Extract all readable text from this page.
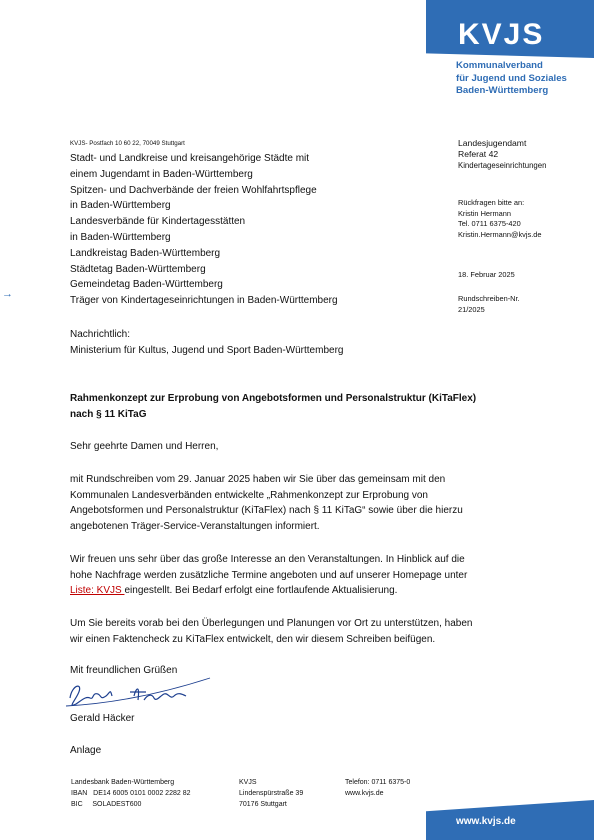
KVJS
Kommunalverband
für Jugend und Soziales
Baden-Württemberg
→
KVJS- Postfach 10 60 22, 70049 Stuttgart
Stadt- und Landkreise und kreisangehörige Städte mit
einem Jugendamt in Baden-Württemberg
Spitzen- und Dachverbände der freien Wohlfahrtspflege
in Baden-Württemberg
Landesverbände für Kindertagesstätten
in Baden-Württemberg
Landkreistag Baden-Württemberg
Städtetag Baden-Württemberg
Gemeindetag Baden-Württemberg
Träger von Kindertageseinrichtungen in Baden-Württemberg
Nachrichtlich:
Ministerium für Kultus, Jugend und Sport Baden-Württemberg
Landesjugendamt
Referat 42
Kindertageseinrichtungen
Rückfragen bitte an:
Kristin Hermann
Tel. 0711 6375-420
Kristin.Hermann@kvjs.de
18. Februar 2025
Rundschreiben-Nr.
21/2025
Rahmenkonzept zur Erprobung von Angebotsformen und Personalstruktur (KiTaFlex)
nach § 11 KiTaG
Sehr geehrte Damen und Herren,
mit Rundschreiben vom 29. Januar 2025 haben wir Sie über das gemeinsam mit den
Kommunalen Landesverbänden entwickelte „Rahmenkonzept zur Erprobung von
Angebotsformen und Personalstruktur (KiTaFlex) nach § 11 KiTaG“ sowie über die hierzu
angebotenen Träger-Service-Veranstaltungen informiert.
Wir freuen uns sehr über das große Interesse an den Veranstaltungen. In Hinblick auf die
hohe Nachfrage werden zusätzliche Termine angeboten und auf unserer Homepage unter
Liste: KVJS eingestellt. Bei Bedarf erfolgt eine fortlaufende Aktualisierung.
Um Sie bereits vorab bei den Überlegungen und Planungen vor Ort zu unterstützen, haben
wir einen Faktencheck zu KiTaFlex entwickelt, den wir diesem Schreiben beifügen.
Mit freundlichen Grüßen
Gerald Häcker
Anlage
Landesbank Baden-Württemberg
IBAN   DE14 6005 0101 0002 2282 82
BIC     SOLADEST600
KVJS
Lindenspürstraße 39
70176 Stuttgart
Telefon: 0711 6375-0
www.kvjs.de
www.kvjs.de
